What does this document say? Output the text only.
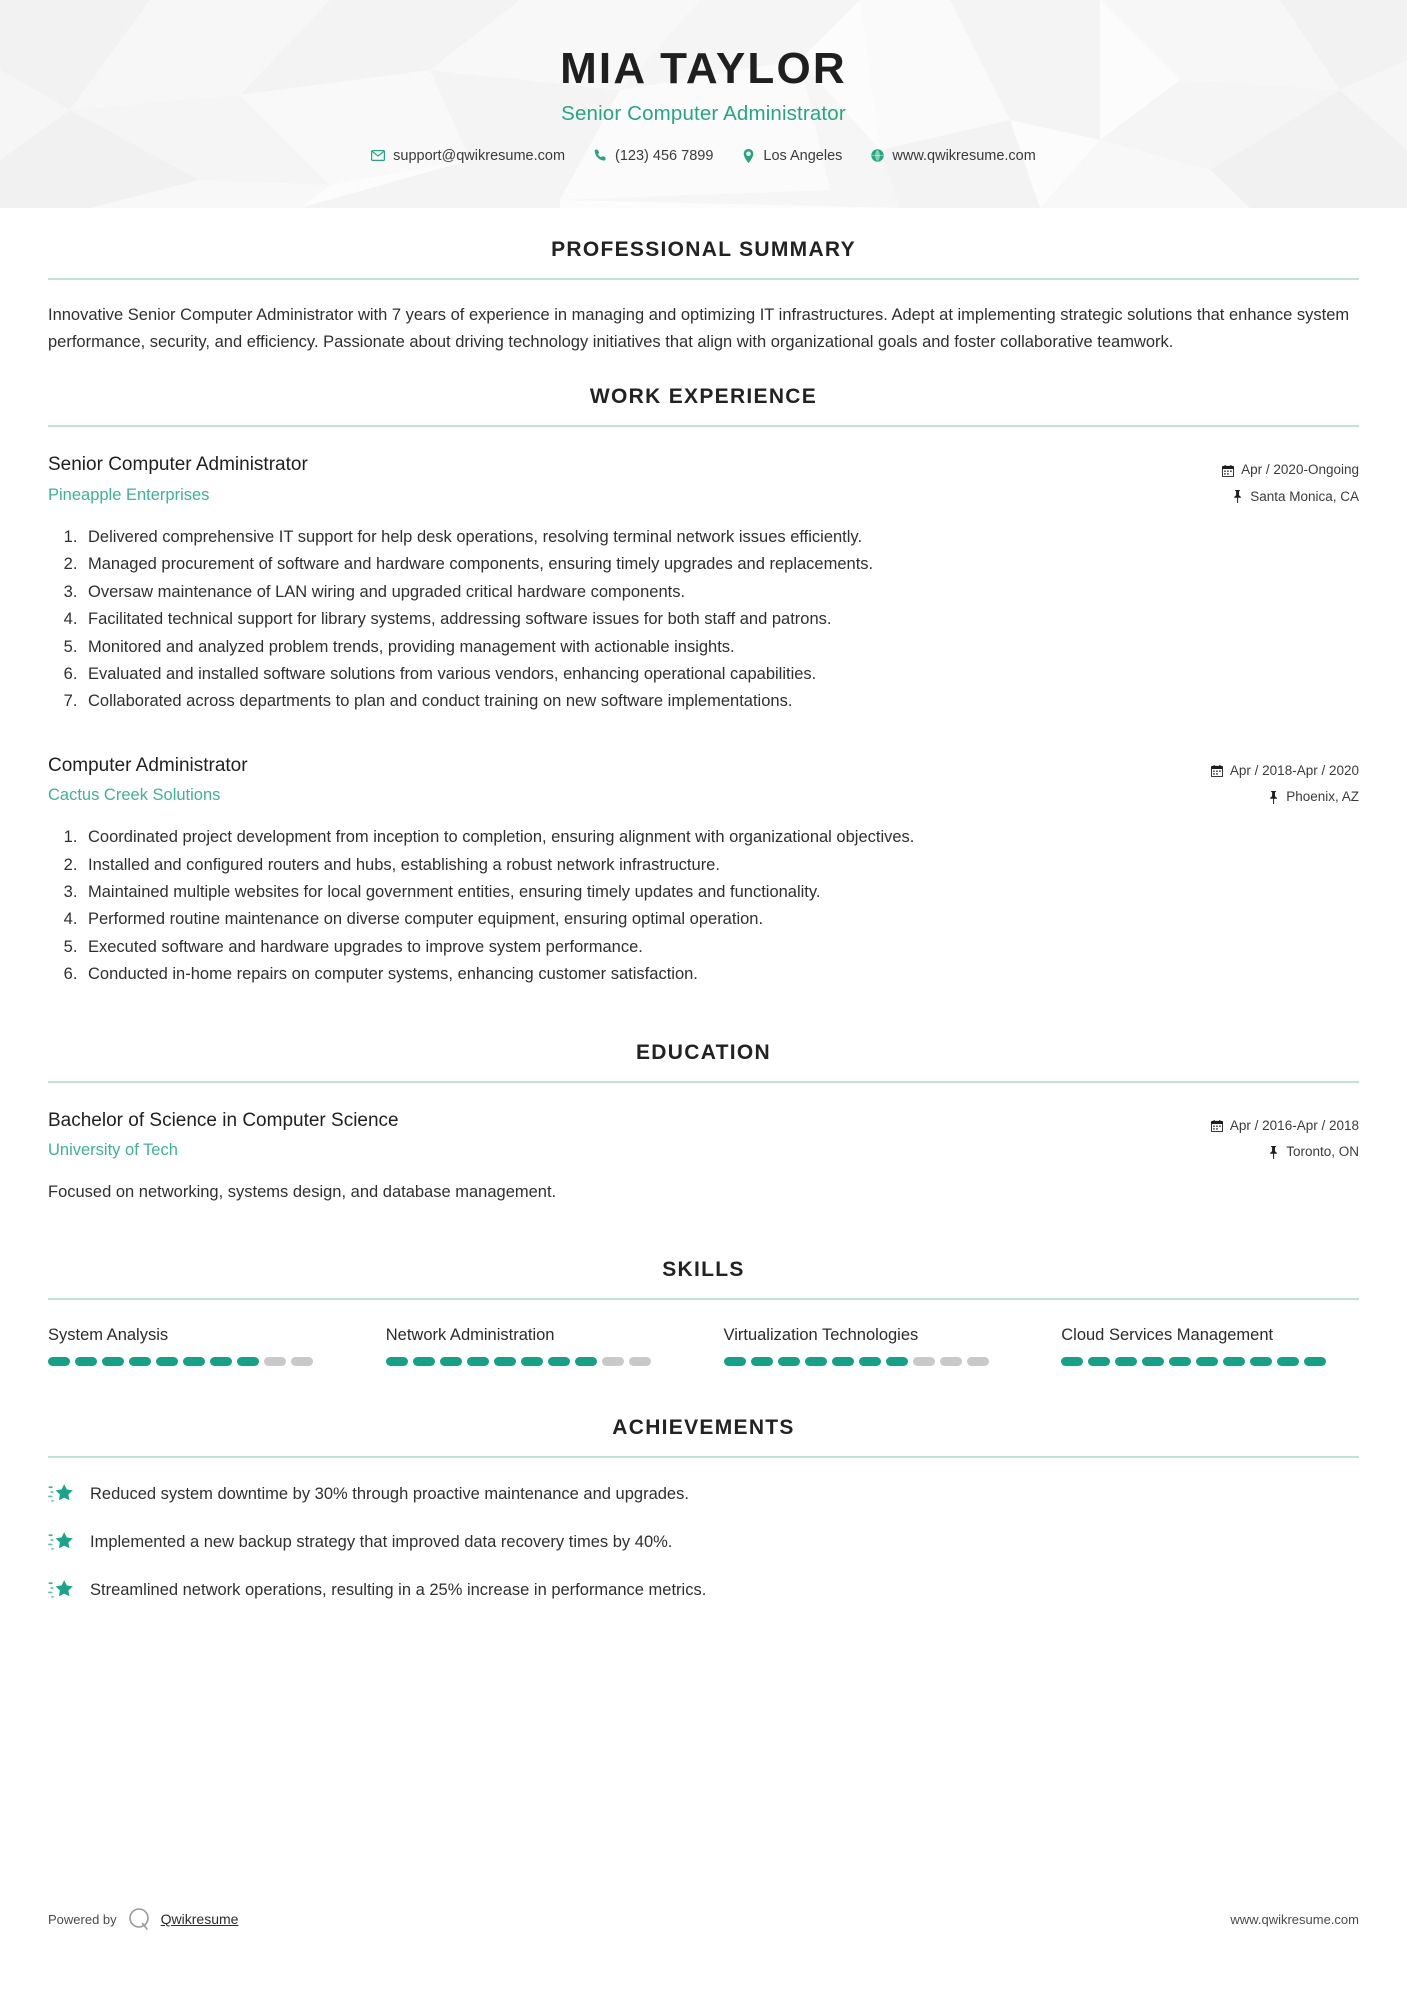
MIA TAYLOR
Senior Computer Administrator
support@qwikresume.com	(123) 456 7899	Los Angeles	www.qwikresume.com
PROFESSIONAL SUMMARY

Innovative Senior Computer Administrator with 7 years of experience in managing and optimizing IT infrastructures. Adept at implementing strategic solutions that enhance system performance, security, and efficiency. Passionate about driving technology initiatives that align with organizational goals and foster collaborative teamwork.

WORK EXPERIENCE
Senior Computer Administrator
Pineapple Enterprises
Apr / 2020-Ongoing
Santa Monica, CA
1. Delivered comprehensive IT support for help desk operations, resolving terminal network issues efficiently.
2. Managed procurement of software and hardware components, ensuring timely upgrades and replacements.
3. Oversaw maintenance of LAN wiring and upgraded critical hardware components.
4. Facilitated technical support for library systems, addressing software issues for both staff and patrons.
5. Monitored and analyzed problem trends, providing management with actionable insights.
6. Evaluated and installed software solutions from various vendors, enhancing operational capabilities.
7. Collaborated across departments to plan and conduct training on new software implementations.
Computer Administrator
Cactus Creek Solutions
Apr / 2018-Apr / 2020
Phoenix, AZ
1. Coordinated project development from inception to completion, ensuring alignment with organizational objectives.
2. Installed and configured routers and hubs, establishing a robust network infrastructure.
3. Maintained multiple websites for local government entities, ensuring timely updates and functionality.
4. Performed routine maintenance on diverse computer equipment, ensuring optimal operation.
5. Executed software and hardware upgrades to improve system performance.
6. Conducted in-home repairs on computer systems, enhancing customer satisfaction.
EDUCATION
Bachelor of Science in Computer Science
University of Tech
Apr / 2016-Apr / 2018
Toronto, ON
Focused on networking, systems design, and database management.
SKILLS
System Analysis	Network Administration	Virtualization Technologies	Cloud Services Management
ACHIEVEMENTS
Reduced system downtime by 30% through proactive maintenance and upgrades.
Implemented a new backup strategy that improved data recovery times by 40%.
Streamlined network operations, resulting in a 25% increase in performance metrics.
Powered by	Qwikresume	www.qwikresume.com
